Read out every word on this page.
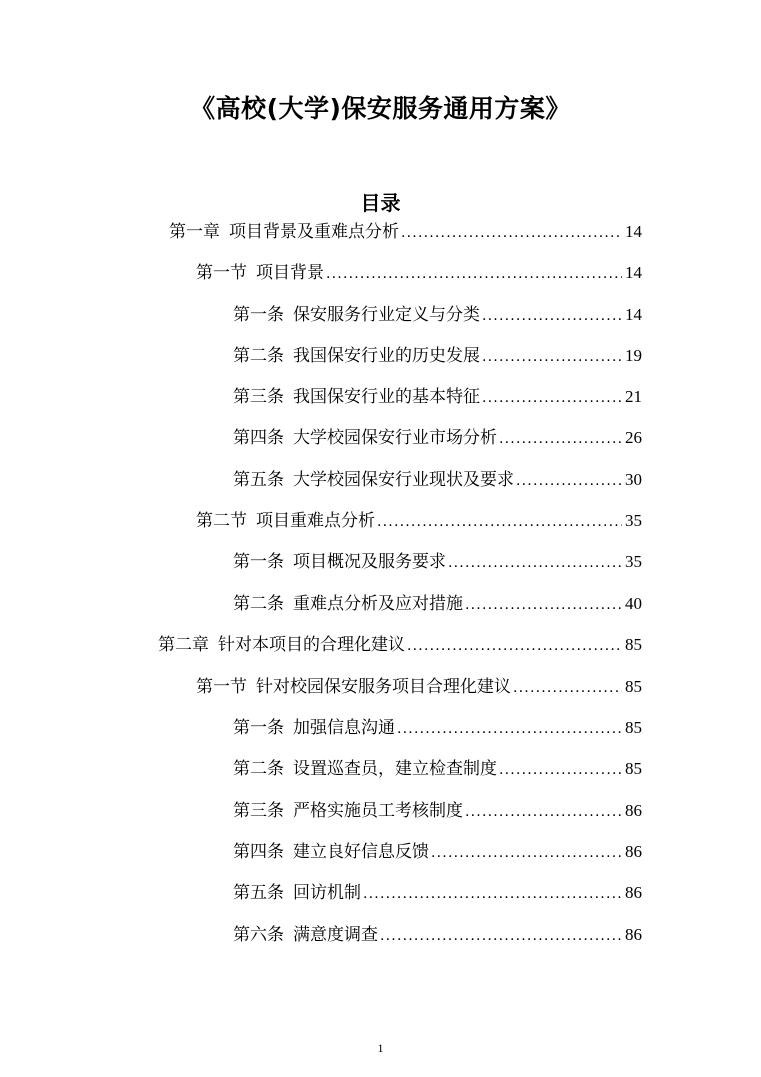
《高校(大学)保安服务通用方案》
目录
第一章 项目背景及重难点分析 .....	14
第一节 项目背景 .....	14
第一条 保安服务行业定义与分类 .....	14
第二条 我国保安行业的历史发展 .....	19
第三条 我国保安行业的基本特征 .....	21
第四条 大学校园保安行业市场分析 .....	26
第五条 大学校园保安行业现状及要求 .....	30
第二节 项目重难点分析 .....	35
第一条 项目概况及服务要求 .....	35
第二条 重难点分析及应对措施 .....	40
第二章 针对本项目的合理化建议 .....	85
第一节 针对校园保安服务项目合理化建议 .....	85
第一条 加强信息沟通 .....	85
第二条 设置巡查员，建立检查制度 .....	85
第三条 严格实施员工考核制度 .....	86
第四条 建立良好信息反馈 .....	86
第五条 回访机制 .....	86
第六条 满意度调查 .....	86
1
